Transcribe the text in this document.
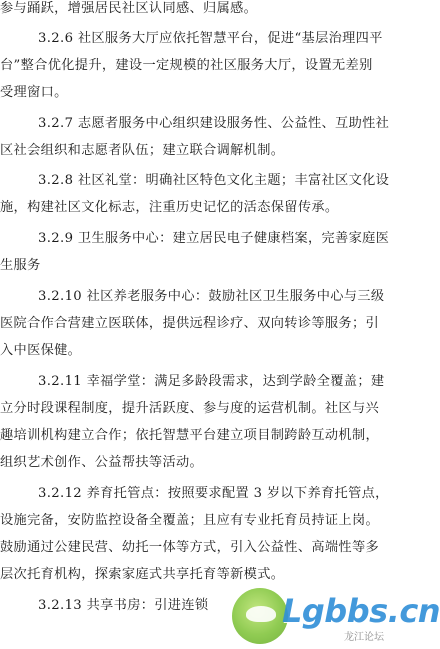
参与踊跃，增强居民社区认同感、归属感。
3.2.6 社区服务大厅应依托智慧平台，促进“基层治理四平
台”整合优化提升，建设一定规模的社区服务大厅，设置无差别
受理窗口。
3.2.7 志愿者服务中心组织建设服务性、公益性、互助性社
区社会组织和志愿者队伍；建立联合调解机制。
3.2.8 社区礼堂：明确社区特色文化主题；丰富社区文化设
施，构建社区文化标志，注重历史记忆的活态保留传承。
3.2.9 卫生服务中心：建立居民电子健康档案，完善家庭医
生服务
3.2.10 社区养老服务中心：鼓励社区卫生服务中心与三级
医院合作合营建立医联体，提供远程诊疗、双向转诊等服务；引
入中医保健。
3.2.11 幸福学堂：满足多龄段需求，达到学龄全覆盖；建
立分时段课程制度，提升活跃度、参与度的运营机制。社区与兴
趣培训机构建立合作；依托智慧平台建立项目制跨龄互动机制，
组织艺术创作、公益帮扶等活动。
3.2.12 养育托管点：按照要求配置 3 岁以下养育托管点，
设施完备，安防监控设备全覆盖；且应有专业托育员持证上岗。
鼓励通过公建民营、幼托一体等方式，引入公益性、高端性等多
层次托育机构，探索家庭式共享托育等新模式。
3.2.13 共享书房：引进连锁	Lgbbs.cn
龙江论坛
